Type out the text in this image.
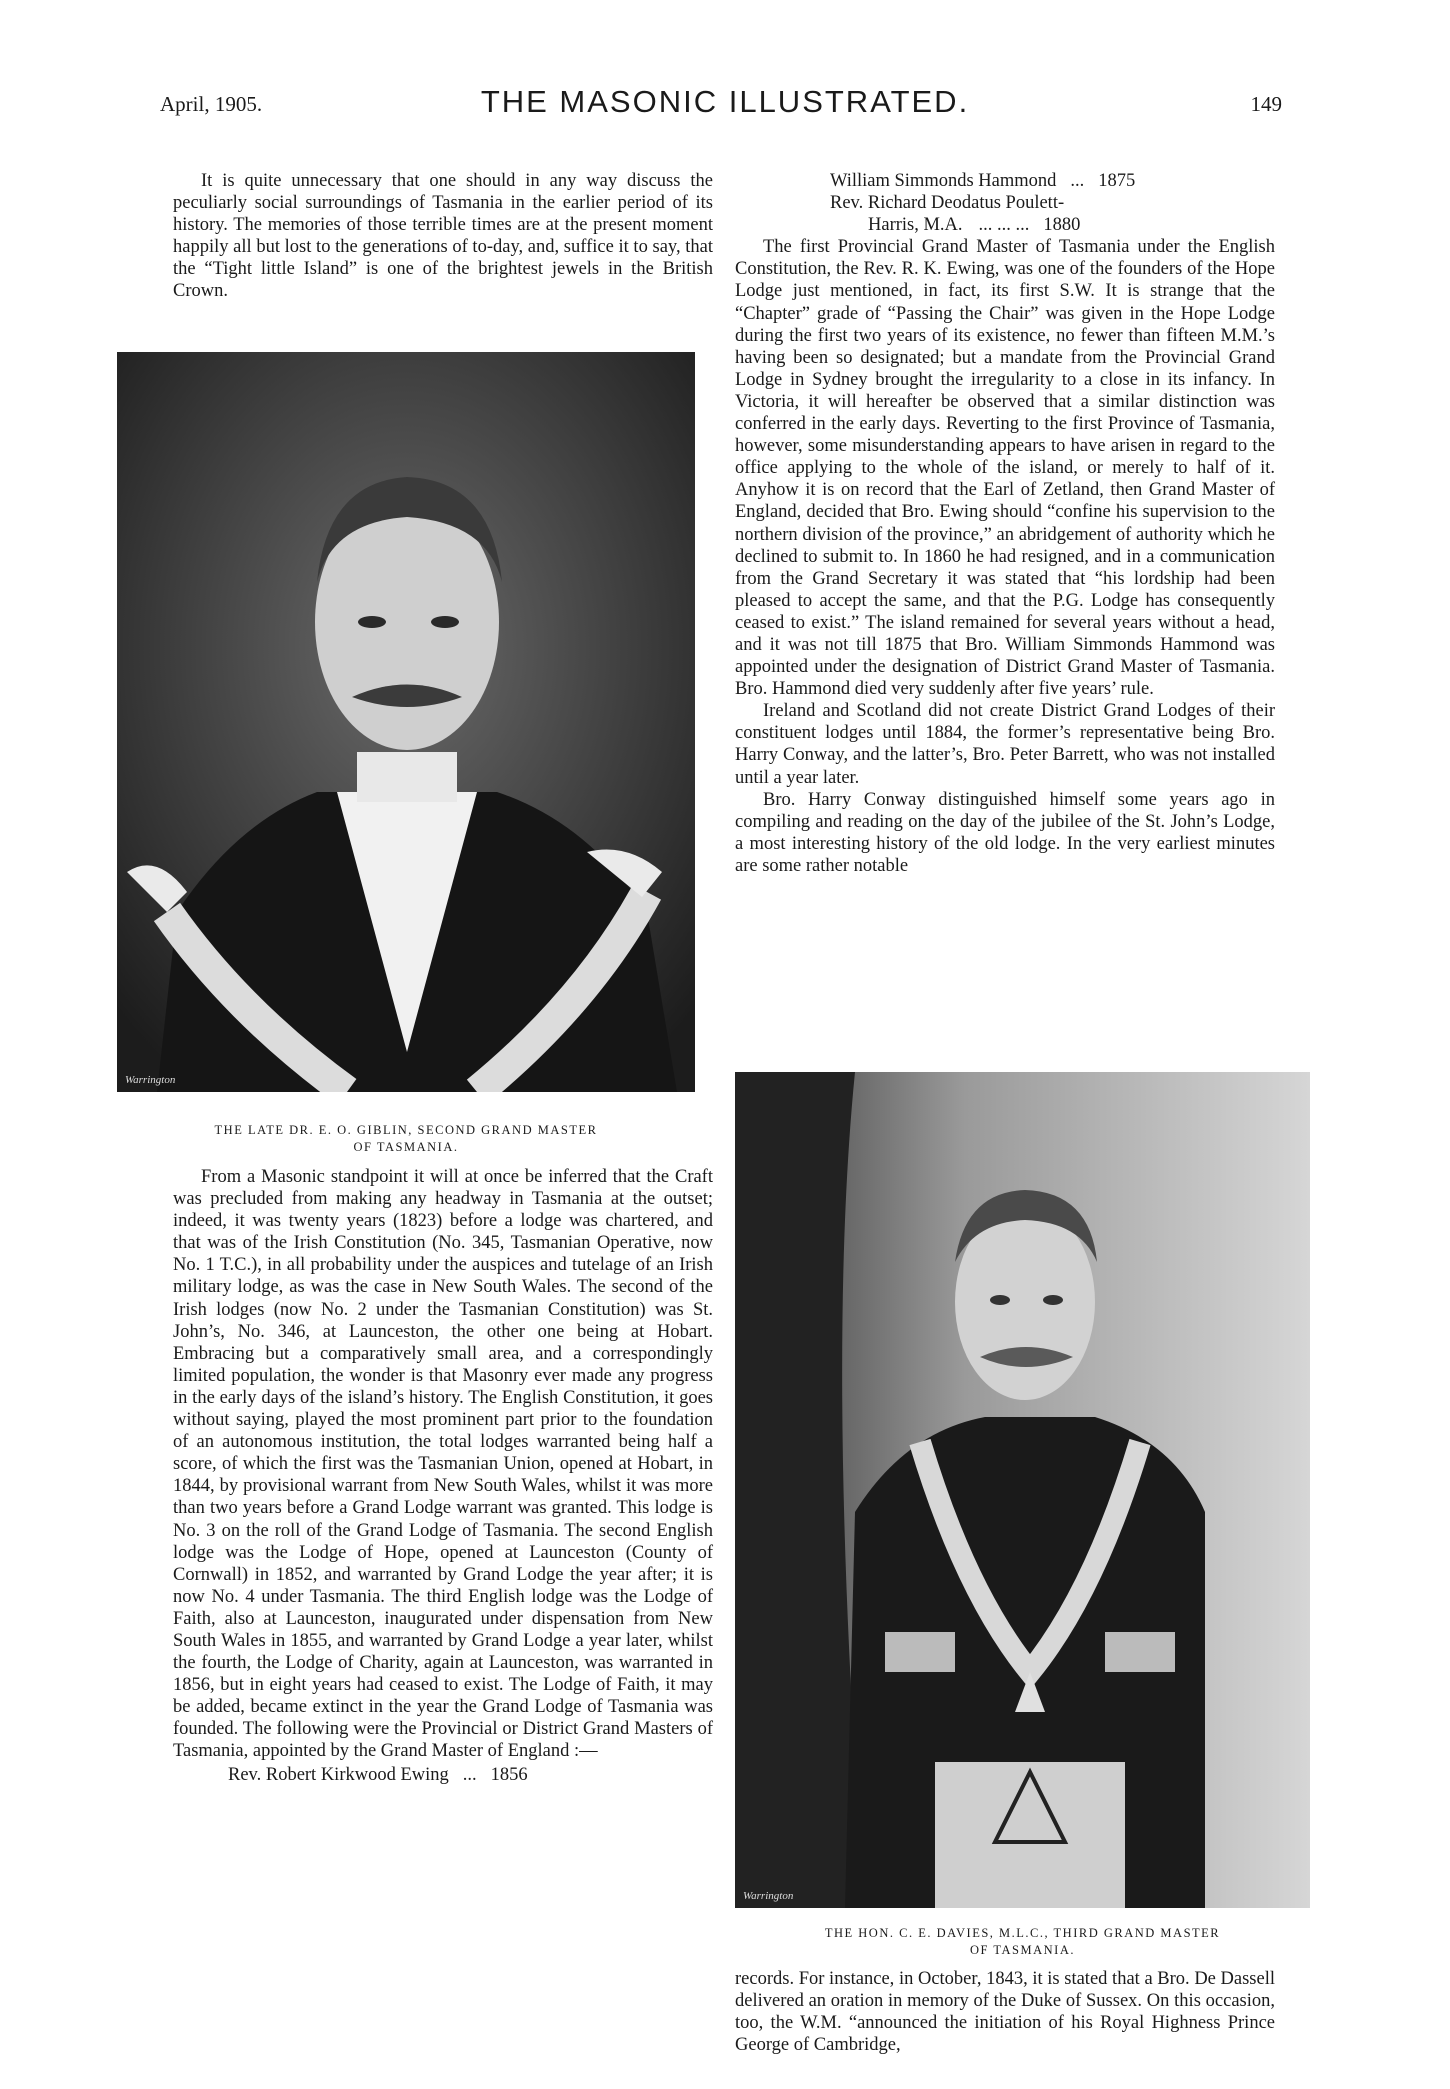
April, 1905.	THE MASONIC ILLUSTRATED.	149

It is quite unnecessary that one should in any way discuss the peculiarly social surroundings of Tasmania in the earlier period of its history. The memories of those terrible times are at the present moment happily all but lost to the generations of to-day, and, suffice it to say, that the “Tight little Island” is one of the brightest jewels in the British Crown.

Warrington
THE LATE DR. E. O. GIBLIN, SECOND GRAND MASTER
OF TASMANIA.

From a Masonic standpoint it will at once be inferred that the Craft was precluded from making any headway in Tasmania at the outset; indeed, it was twenty years (1823) before a lodge was chartered, and that was of the Irish Constitution (No. 345, Tasmanian Operative, now No. 1 T.C.), in all probability under the auspices and tutelage of an Irish military lodge, as was the case in New South Wales. The second of the Irish lodges (now No. 2 under the Tasmanian Constitution) was St. John’s, No. 346, at Launceston, the other one being at Hobart. Embracing but a comparatively small area, and a correspondingly limited population, the wonder is that Masonry ever made any progress in the early days of the island’s history. The English Constitution, it goes without saying, played the most prominent part prior to the foundation of an autonomous institution, the total lodges warranted being half a score, of which the first was the Tasmanian Union, opened at Hobart, in 1844, by provisional warrant from New South Wales, whilst it was more than two years before a Grand Lodge warrant was granted. This lodge is No. 3 on the roll of the Grand Lodge of Tasmania. The second English lodge was the Lodge of Hope, opened at Launceston (County of Cornwall) in 1852, and warranted by Grand Lodge the year after; it is now No. 4 under Tasmania. The third English lodge was the Lodge of Faith, also at Launceston, inaugurated under dispensation from New South Wales in 1855, and warranted by Grand Lodge a year later, whilst the fourth, the Lodge of Charity, again at Launceston, was warranted in 1856, but in eight years had ceased to exist. The Lodge of Faith, it may be added, became extinct in the year the Grand Lodge of Tasmania was founded. The following were the Provincial or District Grand Masters of Tasmania, appointed by the Grand Master of England :—

Rev. Robert Kirkwood Ewing ... 1856
William Simmonds Hammond ... 1875
Rev. Richard Deodatus Poulett-
Harris, M.A. ... ... ... 1880

The first Provincial Grand Master of Tasmania under the English Constitution, the Rev. R. K. Ewing, was one of the founders of the Hope Lodge just mentioned, in fact, its first S.W. It is strange that the “Chapter” grade of “Passing the Chair” was given in the Hope Lodge during the first two years of its existence, no fewer than fifteen M.M.’s having been so designated; but a mandate from the Provincial Grand Lodge in Sydney brought the irregularity to a close in its infancy. In Victoria, it will hereafter be observed that a similar distinction was conferred in the early days. Reverting to the first Province of Tasmania, however, some misunderstanding appears to have arisen in regard to the office applying to the whole of the island, or merely to half of it. Anyhow it is on record that the Earl of Zetland, then Grand Master of England, decided that Bro. Ewing should “confine his supervision to the northern division of the province,” an abridgement of authority which he declined to submit to. In 1860 he had resigned, and in a communication from the Grand Secretary it was stated that “his lordship had been pleased to accept the same, and that the P.G. Lodge has consequently ceased to exist.” The island remained for several years without a head, and it was not till 1875 that Bro. William Simmonds Hammond was appointed under the designation of District Grand Master of Tasmania. Bro. Hammond died very suddenly after five years’ rule.

Ireland and Scotland did not create District Grand Lodges of their constituent lodges until 1884, the former’s representative being Bro. Harry Conway, and the latter’s, Bro. Peter Barrett, who was not installed until a year later.

Bro. Harry Conway distinguished himself some years ago in compiling and reading on the day of the jubilee of the St. John’s Lodge, a most interesting history of the old lodge. In the very earliest minutes are some rather notable

Warrington
THE HON. C. E. DAVIES, M.L.C., THIRD GRAND MASTER
OF TASMANIA.

records. For instance, in October, 1843, it is stated that a Bro. De Dassell delivered an oration in memory of the Duke of Sussex. On this occasion, too, the W.M. “announced the initiation of his Royal Highness Prince George of Cambridge,
